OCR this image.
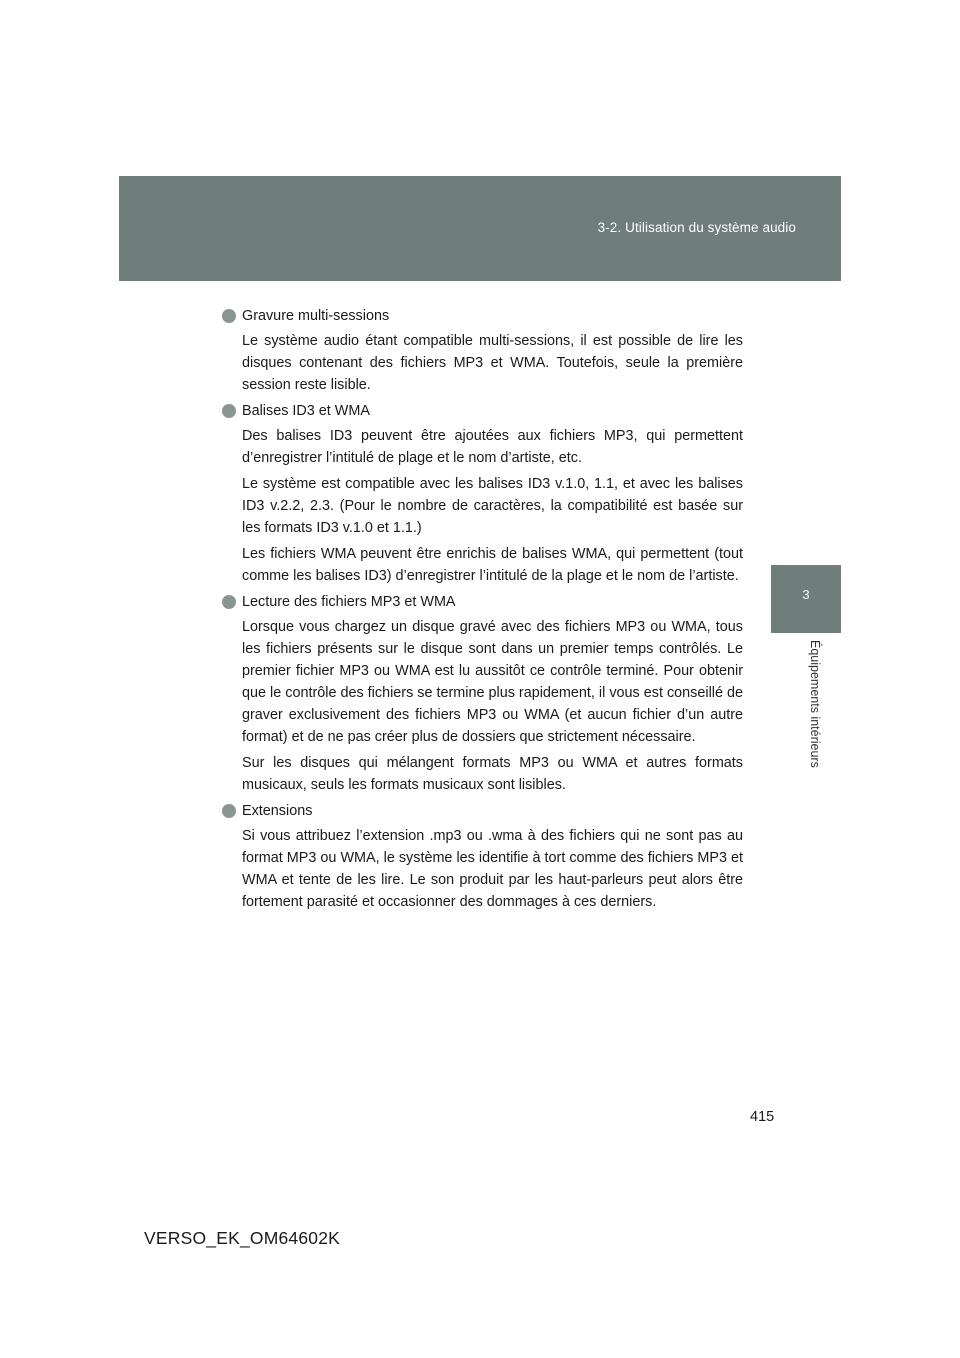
3-2. Utilisation du système audio
3
Équipements intérieurs
Gravure multi-sessions

Le système audio étant compatible multi-sessions, il est possible de lire les disques contenant des fichiers MP3 et WMA. Toutefois, seule la première session reste lisible.

Balises ID3 et WMA

Des balises ID3 peuvent être ajoutées aux fichiers MP3, qui permettent d’enregistrer l’intitulé de plage et le nom d’artiste, etc.

Le système est compatible avec les balises ID3 v.1.0, 1.1, et avec les balises ID3 v.2.2, 2.3. (Pour le nombre de caractères, la compatibilité est basée sur les formats ID3 v.1.0 et 1.1.)

Les fichiers WMA peuvent être enrichis de balises WMA, qui permettent (tout comme les balises ID3) d’enregistrer l’intitulé de la plage et le nom de l’artiste.

Lecture des fichiers MP3 et WMA

Lorsque vous chargez un disque gravé avec des fichiers MP3 ou WMA, tous les fichiers présents sur le disque sont dans un premier temps contrôlés. Le premier fichier MP3 ou WMA est lu aussitôt ce contrôle terminé. Pour obtenir que le contrôle des fichiers se termine plus rapidement, il vous est conseillé de graver exclusivement des fichiers MP3 ou WMA (et aucun fichier d’un autre format) et de ne pas créer plus de dossiers que strictement nécessaire.

Sur les disques qui mélangent formats MP3 ou WMA et autres formats musicaux, seuls les formats musicaux sont lisibles.

Extensions

Si vous attribuez l’extension .mp3 ou .wma à des fichiers qui ne sont pas au format MP3 ou WMA, le système les identifie à tort comme des fichiers MP3 et WMA et tente de les lire. Le son produit par les haut-parleurs peut alors être fortement parasité et occasionner des dommages à ces derniers.

415
VERSO_EK_OM64602K
